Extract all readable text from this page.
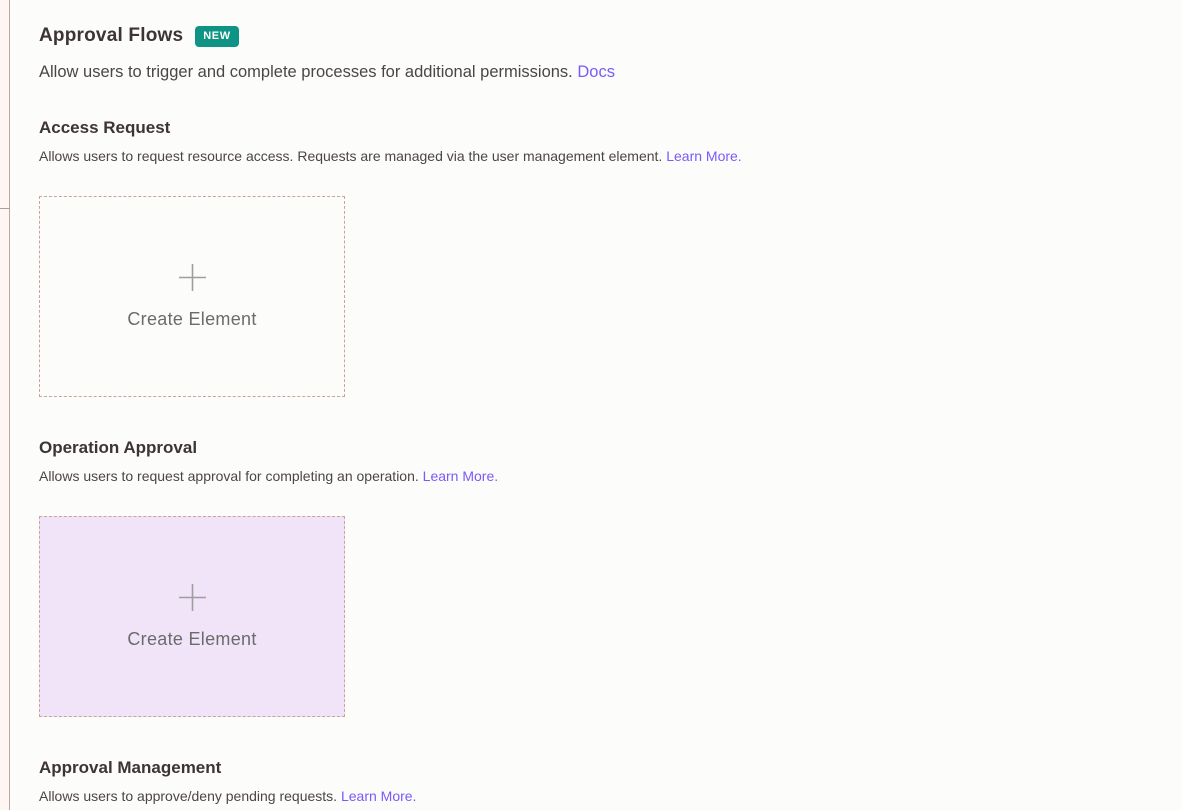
Approval Flows	NEW

Allow users to trigger and complete processes for additional permissions. Docs

Access Request

Allows users to request resource access. Requests are managed via the user management element. Learn More.

Create Element
Operation Approval

Allows users to request approval for completing an operation. Learn More.

Create Element
Approval Management

Allows users to approve/deny pending requests. Learn More.
